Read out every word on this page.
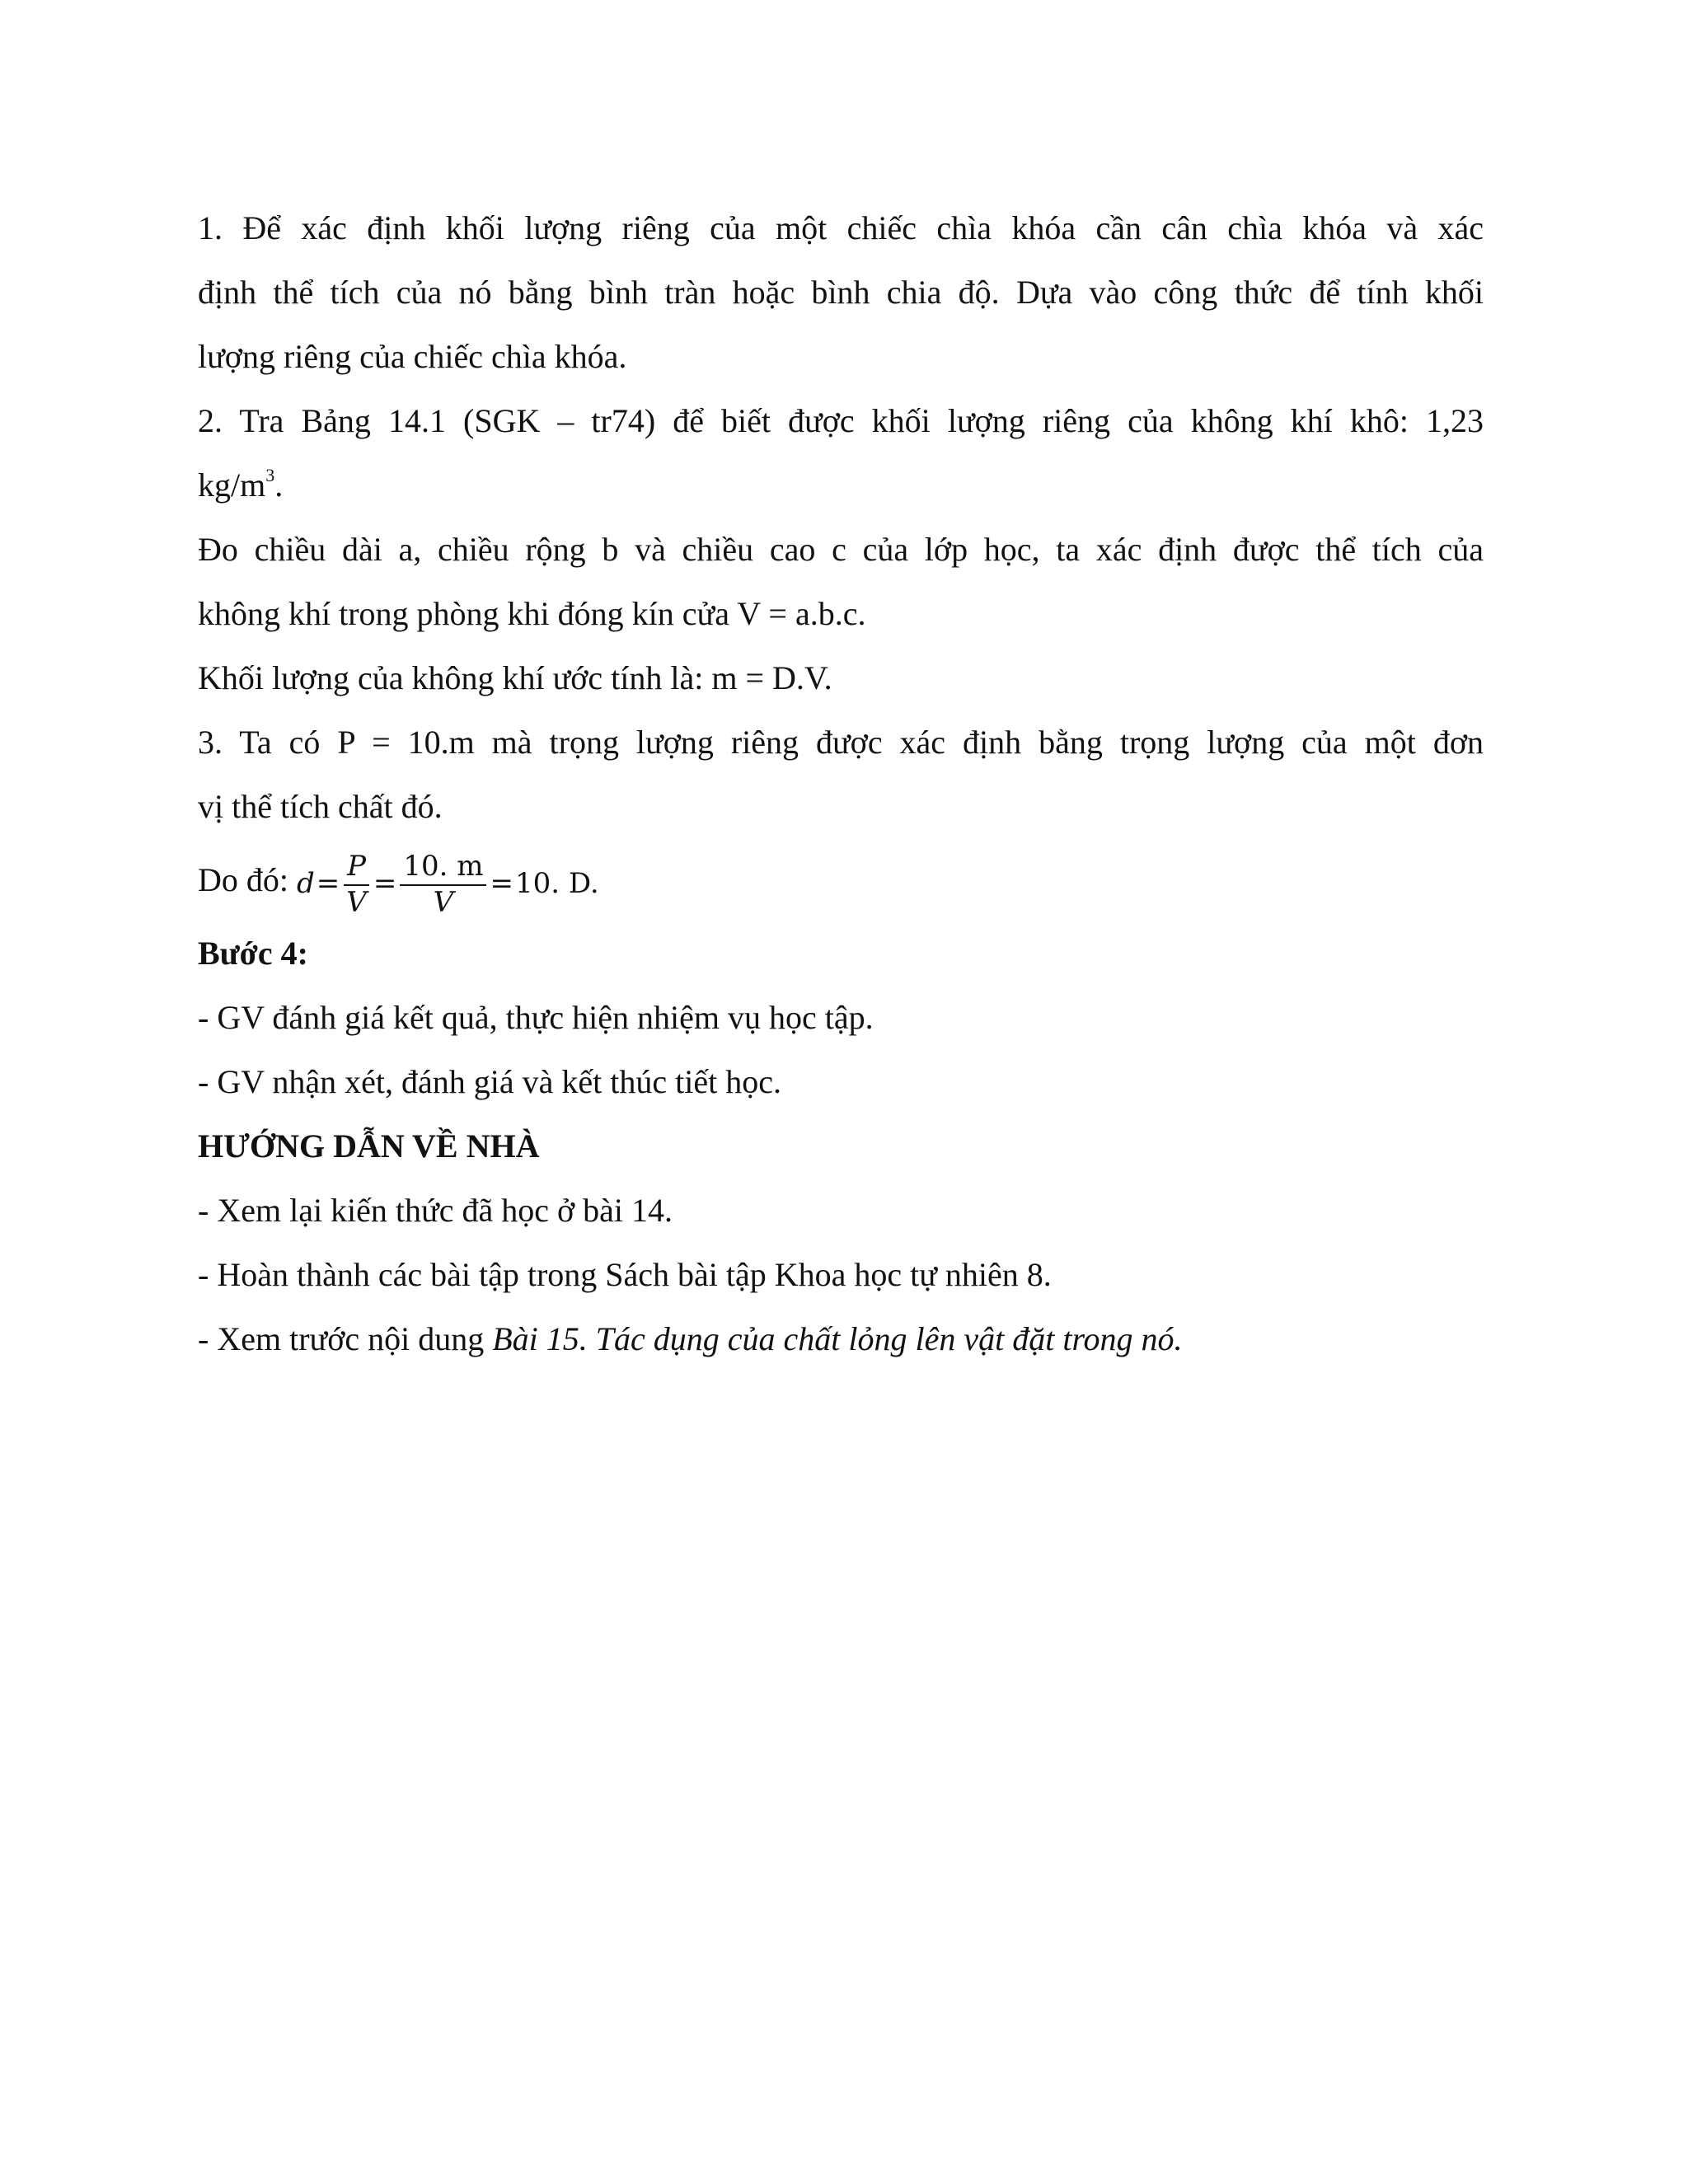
1. Để xác định khối lượng riêng của một chiếc chìa khóa cần cân chìa khóa và xác
định thể tích của nó bằng bình tràn hoặc bình chia độ. Dựa vào công thức để tính khối
lượng riêng của chiếc chìa khóa.
2. Tra Bảng 14.1 (SGK – tr74) để biết được khối lượng riêng của không khí khô: 1,23
$kg/m^3$.
Đo chiều dài a, chiều rộng b và chiều cao c của lớp học, ta xác định được thể tích của
không khí trong phòng khi đóng kín cửa V = a.b.c.
Khối lượng của không khí ước tính là: m = D.V.
3. Ta có P = 10.m mà trọng lượng riêng được xác định bằng trọng lượng của một đơn
vị thể tích chất đó.
Do đó: $d= \frac{P}{V} = \frac{10. m}{V} =10$. D.
Bước 4:
- GV đánh giá kết quả, thực hiện nhiệm vụ học tập.
- GV nhận xét, đánh giá và kết thúc tiết học.
HƯỚNG DẪN VỀ NHÀ
- Xem lại kiến thức đã học ở bài 14.
- Hoàn thành các bài tập trong Sách bài tập Khoa học tự nhiên 8.
- Xem trước nội dung Bài 15. Tác dụng của chất lỏng lên vật đặt trong nó.
